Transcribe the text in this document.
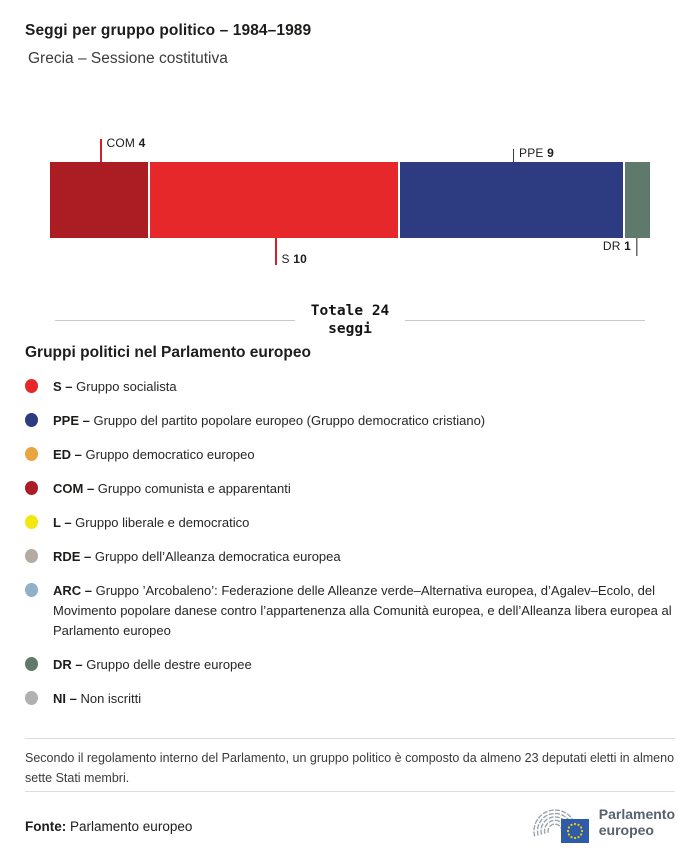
Seggi per gruppo politico – 1984–1989
Grecia – Sessione costitutiva
COM 4
S 10
PPE 9
DR 1
Totale 24
seggi
Gruppi politici nel Parlamento europeo
S – Gruppo socialista
PPE – Gruppo del partito popolare europeo (Gruppo democratico cristiano)
ED – Gruppo democratico europeo
COM – Gruppo comunista e apparentanti
L – Gruppo liberale e democratico
RDE – Gruppo dell’Alleanza democratica europea
ARC – Gruppo ’Arcobaleno’: Federazione delle Alleanze verde–Alternativa europea, d’Agalev–Ecolo, del Movimento popolare danese contro l’appartenenza alla Comunità europea, e dell’Alleanza libera europea al Parlamento europeo
DR – Gruppo delle destre europee
NI – Non iscritti
Secondo il regolamento interno del Parlamento, un gruppo politico è composto da almeno 23 deputati eletti in almeno sette Stati membri.
Fonte: Parlamento europeo
Parlamento
europeo
